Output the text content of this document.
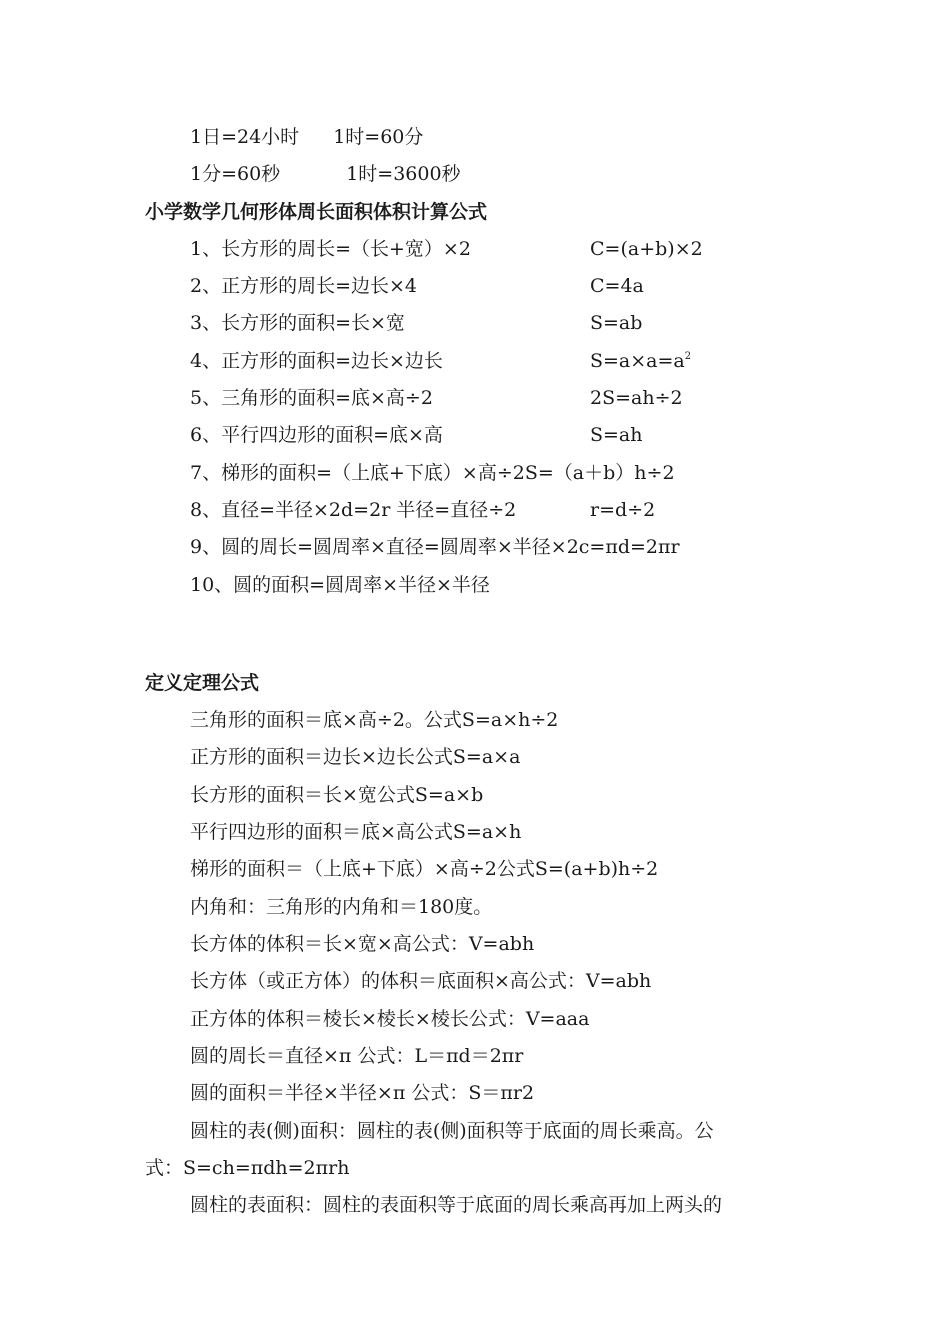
1日=24小时 1时=60分
1分=60秒	1时=3600秒
小学数学几何形体周长面积体积计算公式
1、长方形的周长=（长+宽）×2	C=(a+b)×2
2、正方形的周长=边长×4	C=4a
3、长方形的面积=长×宽	S=ab
4、正方形的面积=边长×边长	$S=a\times a=a^2$
5、三角形的面积=底×高÷2	2S=ah÷2
6、平行四边形的面积=底×高	S=ah
7、梯形的面积=（上底+下底）×高÷2S=（a＋b）h÷2
8、直径=半径×2d=2r 半径=直径÷2	r=d÷2
9、圆的周长=圆周率×直径=圆周率×半径×2c=πd=2πr
10、圆的面积=圆周率×半径×半径
定义定理公式
三角形的面积＝底×高÷2。公式S=a×h÷2
正方形的面积＝边长×边长公式S=a×a
长方形的面积＝长×宽公式S=a×b
平行四边形的面积＝底×高公式S=a×h
梯形的面积＝（上底+下底）×高÷2公式S=(a+b)h÷2
内角和：三角形的内角和＝180度。
长方体的体积＝长×宽×高公式：V=abh
长方体（或正方体）的体积＝底面积×高公式：V=abh
正方体的体积＝棱长×棱长×棱长公式：V=aaa
圆的周长＝直径×π 公式：L＝πd＝2πr
圆的面积＝半径×半径×π 公式：S＝πr2
圆柱的表(侧)面积：圆柱的表(侧)面积等于底面的周长乘高。公
式：S=ch=πdh=2πrh
圆柱的表面积：圆柱的表面积等于底面的周长乘高再加上两头的
